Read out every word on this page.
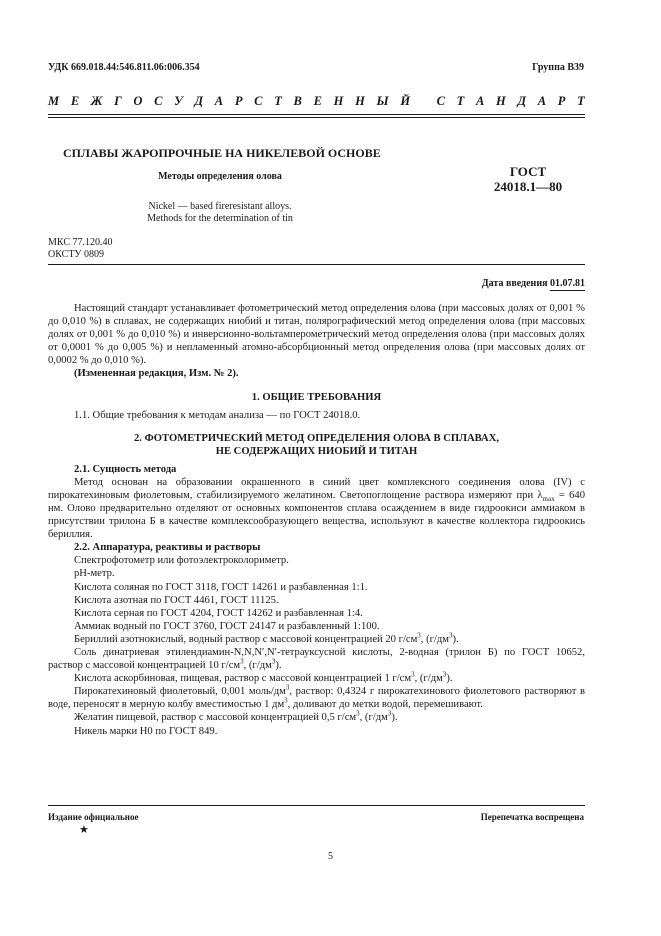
УДК 669.018.44:546.811.06:006.354	Группа В39
М Е Ж Г О С У Д А Р С Т В Е Н Н Ы Й
С Т А Н Д А Р Т
СПЛАВЫ ЖАРОПРОЧНЫЕ НА НИКЕЛЕВОЙ ОСНОВЕ
ГОСТ
24018.1—80
Методы определения олова
Nickel — based fireresistant alloys.
Methods for the determination of tin
МКС 77.120.40
ОКСТУ 0809
Дата введения 01.07.81

Настоящий стандарт устанавливает фотометрический метод определения олова (при массовых долях от 0,001 % до 0,010 %) в сплавах, не содержащих ниобий и титан, полярографический метод определения олова (при массовых долях от 0,001 % до 0,010 %) и инверсионно-вольтамперометрический метод определения олова (при массовых долях от 0,0001 % до 0,005 %) и непламенный атомно-абсорбционный метод определения олова (при массовых долях от 0,0002 % до 0,010 %).

(Измененная редакция, Изм. № 2).

1. ОБЩИЕ ТРЕБОВАНИЯ

1.1. Общие требования к методам анализа — по ГОСТ 24018.0.

2. ФОТОМЕТРИЧЕСКИЙ МЕТОД ОПРЕДЕЛЕНИЯ ОЛОВА В СПЛАВАХ,
НЕ СОДЕРЖАЩИХ НИОБИЙ И ТИТАН

2.1. Сущность метода

Метод основан на образовании окрашенного в синий цвет комплексного соединения олова (IV) с пирокатехиновым фиолетовым, стабилизируемого желатином. Светопоглощение раствора измеряют при $\lambda_{max} = 640$ нм. Олово предварительно отделяют от основных компонентов сплава осаждением в виде гидроокиси аммиаком в присутствии трилона Б в качестве комплексообразующего вещества, используют в качестве коллектора гидроокись бериллия.

2.2. Аппаратура, реактивы и растворы

Спектрофотометр или фотоэлектроколориметр.

pH-метр.

Кислота соляная по ГОСТ 3118, ГОСТ 14261 и разбавленная 1:1.

Кислота азотная по ГОСТ 4461, ГОСТ 11125.

Кислота серная по ГОСТ 4204, ГОСТ 14262 и разбавленная 1:4.

Аммиак водный по ГОСТ 3760, ГОСТ 24147 и разбавленный 1:100.

Бериллий азотнокислый, водный раствор с массовой концентрацией 20 $г/см^3$, $(г/дм^3)$.

Соль динатриевая этилендиамин-N,N,N′,N′-тетрауксусной кислоты, 2-водная (трилон Б) по ГОСТ 10652, раствор с массовой концентрацией 10 $г/см^3$, $(г/дм^3)$.

Кислота аскорбиновая, пищевая, раствор с массовой концентрацией 1 $г/см^3$, $(г/дм^3)$.

Пирокатехиновый фиолетовый, 0,001 моль/$дм^3$, раствор: 0,4324 г пирокатехинового фиолетового растворяют в воде, переносят в мерную колбу вместимостью 1 $дм^3$, доливают до метки водой, перемешивают.

Желатин пищевой, раствор с массовой концентрацией 0,5 $г/см^3$, $(г/дм^3)$.

Никель марки Н0 по ГОСТ 849.

Издание официальное	Перепечатка воспрещена
★
5
